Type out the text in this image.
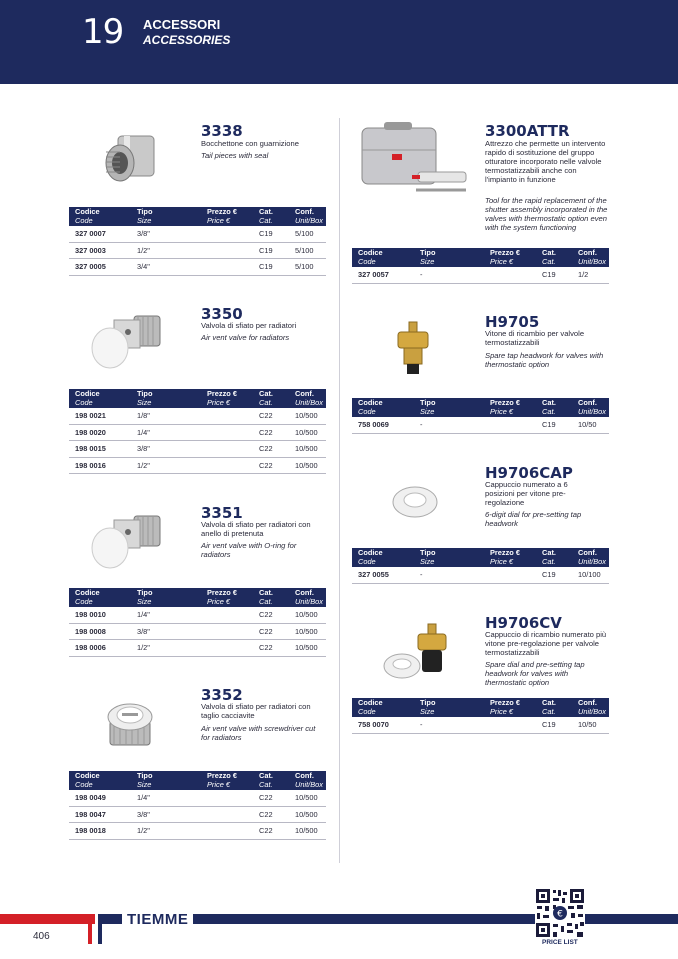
19 ACCESSORI
ACCESSORIES
3338
Bocchettone con guarnizione
Tail pieces with seal
Codice
Code	Tipo
Size	Prezzo €
Price €	Cat.
Cat.	Conf.
Unit/Box

327 0007	3/8"		C19	5/100
327 0003	1/2"		C19	5/100
327 0005	3/4"		C19	5/100
3350
Valvola di sfiato per radiatori
Air vent valve for radiators
Codice
Code	Tipo
Size	Prezzo €
Price €	Cat.
Cat.	Conf.
Unit/Box

198 0021	1/8"		C22	10/500
198 0020	1/4"		C22	10/500
198 0015	3/8"		C22	10/500
198 0016	1/2"		C22	10/500
3351
Valvola di sfiato per radiatori con anello di pretenuta
Air vent valve with O-ring for radiators
Codice
Code	Tipo
Size	Prezzo €
Price €	Cat.
Cat.	Conf.
Unit/Box

198 0010	1/4"		C22	10/500
198 0008	3/8"		C22	10/500
198 0006	1/2"		C22	10/500
3352
Valvola di sfiato per radiatori con taglio cacciavite
Air vent valve with screwdriver cut for radiators
Codice
Code	Tipo
Size	Prezzo €
Price €	Cat.
Cat.	Conf.
Unit/Box

198 0049	1/4"		C22	10/500
198 0047	3/8"		C22	10/500
198 0018	1/2"		C22	10/500
3300ATTR
Attrezzo che permette un intervento rapido di sostituzione del gruppo otturatore incorporato nelle valvole termostatizzabili anche con l'impianto in funzione
Tool for the rapid replacement of the shutter assembly incorporated in the valves with thermostatic option even with the system functioning
Codice
Code	Tipo
Size	Prezzo €
Price €	Cat.
Cat.	Conf.
Unit/Box

327 0057	-		C19	1/2
H9705
Vitone di ricambio per valvole termostatizzabili
Spare tap headwork for valves with thermostatic option
Codice
Code	Tipo
Size	Prezzo €
Price €	Cat.
Cat.	Conf.
Unit/Box

758 0069	-		C19	10/50
H9706CAP
Cappuccio numerato a 6 posizioni per vitone pre-regolazione
6-digit dial for pre-setting tap headwork
Codice
Code	Tipo
Size	Prezzo €
Price €	Cat.
Cat.	Conf.
Unit/Box

327 0055	-		C19	10/100
H9706CV
Cappuccio di ricambio numerato più vitone pre-regolazione per valvole termostatizzabili
Spare dial and pre-setting tap headwork for valves with thermostatic option
Codice
Code	Tipo
Size	Prezzo €
Price €	Cat.
Cat.	Conf.
Unit/Box

758 0070	-		C19	10/50
TIEMME
406
€
PRICE LIST
